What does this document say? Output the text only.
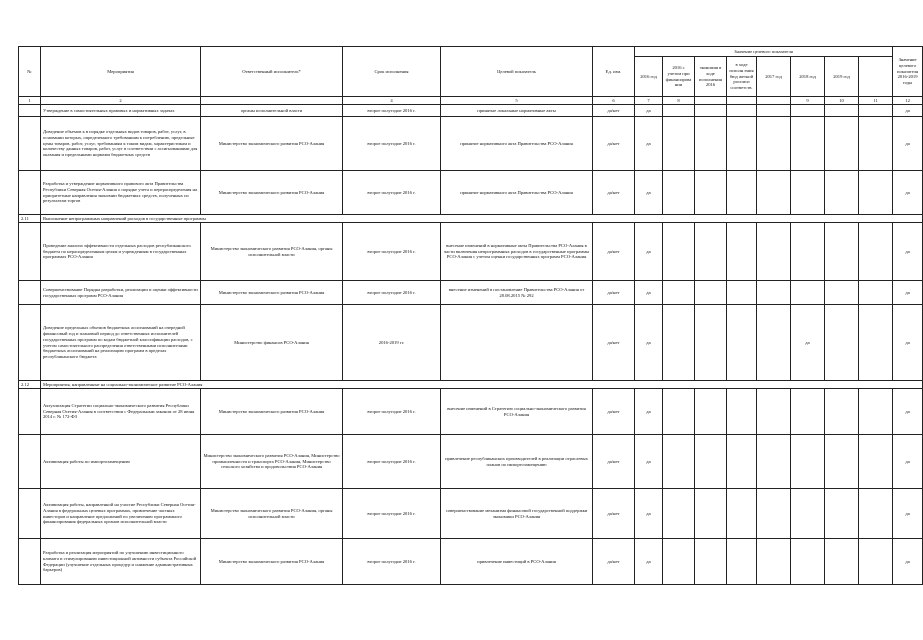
№	Мероприятия	Ответственный исполнитель*	Срок исполнения	Целевой показатель	Ед. изм.	Значение целевого показателя								Значение целевого показателя 2016-2019 годы
						2016 год	2016 с учетом при финансирова нии	экономия в ходе исполнения 2016	в ходе исполн ения бюд жетной росписи соответств.	2017 год	2018 год	2019 год		
1	2		4	5	6	7	8				9	10	11	12
	Утверждение в самостоятельных правовых и нормативных задачах	органы исполнительной власти	второе полугодие 2016 г.	принятые локальные нормативные акты	да/нет	да								да
	Доведение объемов к в порядке отдельных видов товаров, работ, услуг, в основании которых, определенного требованиям к потреблению, предельные цены товаров, работ, услуг, требованиям к таким видам, характеристикам и количеству данных товаров, работ, услуг в соответствии с ассигнованиями для оказания и предельными нормами бюджетных средств	Министерство экономического развития РСО-Алания	второе полугодие 2016 г.	принятие нормативного акта Правительства РСО-Алания	да/нет	да								да
	Разработка и утверждение нормативного правового акта Правительства Республики Северная Осетия-Алания о порядке учета и перераспределения на приоритетные направления экономии бюджетных средств, полученных по результатам торгов	Министерство экономического развития РСО-Алания	второе полугодие 2016 г.	принятие нормативного акта Правительства РСО-Алания	да/нет	да								да
2.11	Выполнение непрограммных направлений расходов в государственные программы													
	Проведение анализа эффективности отдельных расходов республиканского бюджета по нераспределенным целям и учреждениям в государственных программах РСО-Алания	Министерство экономического развития РСО-Алания, органы исполнительной власти	второе полугодие 2016 г.	внесение изменений в нормативные акты Правительства РСО-Алания в части включения непрограммных расходов в государственные программы РСО-Алания с учетом оценки государственных программ РСО-Алания	да/нет	да								да
	Совершенствование Порядка разработки, реализации и оценки эффективности государственных программ РСО-Алания	Министерство экономического развития РСО-Алания	второе полугодие 2016 г.	внесение изменений в постановление Правительства РСО-Алания от 28.08.2015 № 292	да/нет	да								да
	Доведение предельных объемов бюджетных ассигнований на очередной финансовый год и плановый период до ответственных исполнителей государственных программ по кодам бюджетной классификации расходов, с учетом самостоятельного распределения ответственными исполнителями бюджетных ассигнований на реализацию программ в пределах республиканского бюджета	Министерство финансов РСО-Алания	2016-2019 гг.		да/нет	да					да			да
2.12	Мероприятия, направленные на социально-экономическое развитие РСО-Алания													
	Актуализация Стратегии социально-экономического развития Республики Северная Осетия-Алания в соответствии с Федеральным законом от 28 июня 2014 г. № 172-ФЗ	Министерство экономического развития РСО-Алания	второе полугодие 2016 г.	внесение изменений в Стратегию социально-экономического развития РСО-Алания	да/нет	да								да
	Активизация работы по импортозамещению	Министерство экономического развития РСО-Алания, Министерство промышленности и транспорта РСО-Алания, Министерство сельского хозяйства и продовольствия РСО-Алания	второе полугодие 2016 г.	привлечение республиканских производителей в реализации отраслевых планов по импортозамещению	да/нет	да								да
	Активизация работы, направленной на участие Республики Северная Осетия-Алания в федеральных целевых программах, привлечение частных инвесторов и направление предложений по увеличению программного финансирования федеральных органов исполнительной власти	Министерство экономического развития РСО-Алания, органы исполнительной власти	второе полугодие 2016 г.	совершенствование механизма финансовой государственной поддержки экономики РСО-Алания	да/нет	да								да
	Разработка и реализация мероприятий по улучшению инвестиционного климата и стимулированию инвестиционной активности субъекта Российской Федерации (улучшение отдельных процедур и снижение административных барьеров)	Министерство экономического развития РСО-Алания	второе полугодие 2016 г.	привлечение инвестиций в РСО-Алания	да/нет	да								да
